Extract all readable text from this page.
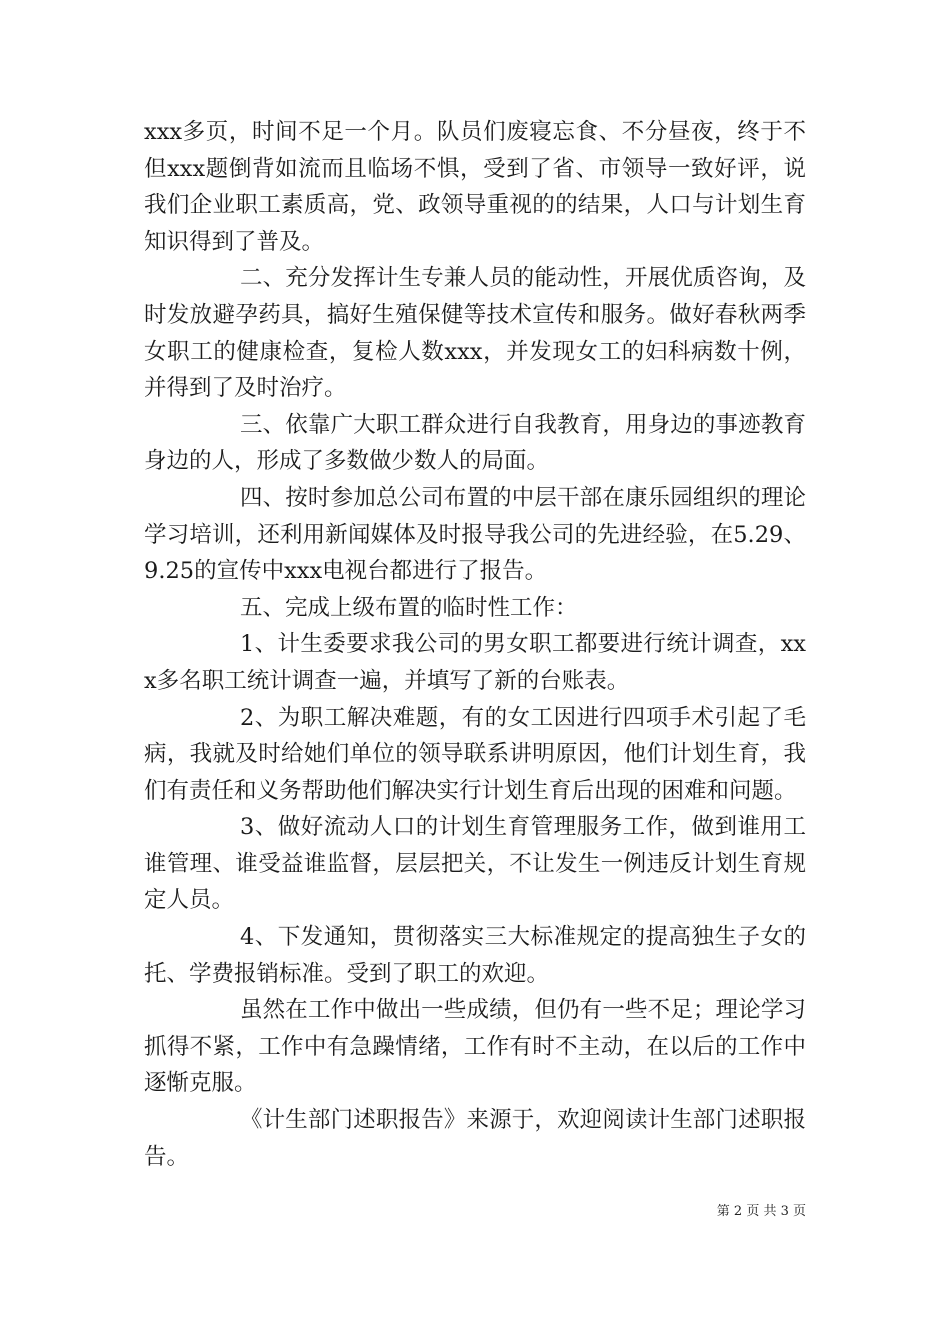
xxx多页，时间不足一个月。队员们废寝忘食、不分昼夜，终于不但xxx题倒背如流而且临场不惧，受到了省、市领导一致好评，说我们企业职工素质高，党、政领导重视的的结果，人口与计划生育知识得到了普及。

二、充分发挥计生专兼人员的能动性，开展优质咨询，及时发放避孕药具，搞好生殖保健等技术宣传和服务。做好春秋两季女职工的健康检查，复检人数xxx，并发现女工的妇科病数十例，并得到了及时治疗。

三、依靠广大职工群众进行自我教育，用身边的事迹教育身边的人，形成了多数做少数人的局面。

四、按时参加总公司布置的中层干部在康乐园组织的理论学习培训，还利用新闻媒体及时报导我公司的先进经验，在5.29、9.25的宣传中xxx电视台都进行了报告。

五、完成上级布置的临时性工作：

1、计生委要求我公司的男女职工都要进行统计调查，xxx多名职工统计调查一遍，并填写了新的台账表。

2、为职工解决难题，有的女工因进行四项手术引起了毛病，我就及时给她们单位的领导联系讲明原因，他们计划生育，我们有责任和义务帮助他们解决实行计划生育后出现的困难和问题。

3、做好流动人口的计划生育管理服务工作，做到谁用工谁管理、谁受益谁监督，层层把关，不让发生一例违反计划生育规定人员。

4、下发通知，贯彻落实三大标准规定的提高独生子女的托、学费报销标准。受到了职工的欢迎。

虽然在工作中做出一些成绩，但仍有一些不足；理论学习抓得不紧，工作中有急躁情绪，工作有时不主动，在以后的工作中逐惭克服。

《计生部门述职报告》来源于，欢迎阅读计生部门述职报告。

第 2 页 共 3 页
